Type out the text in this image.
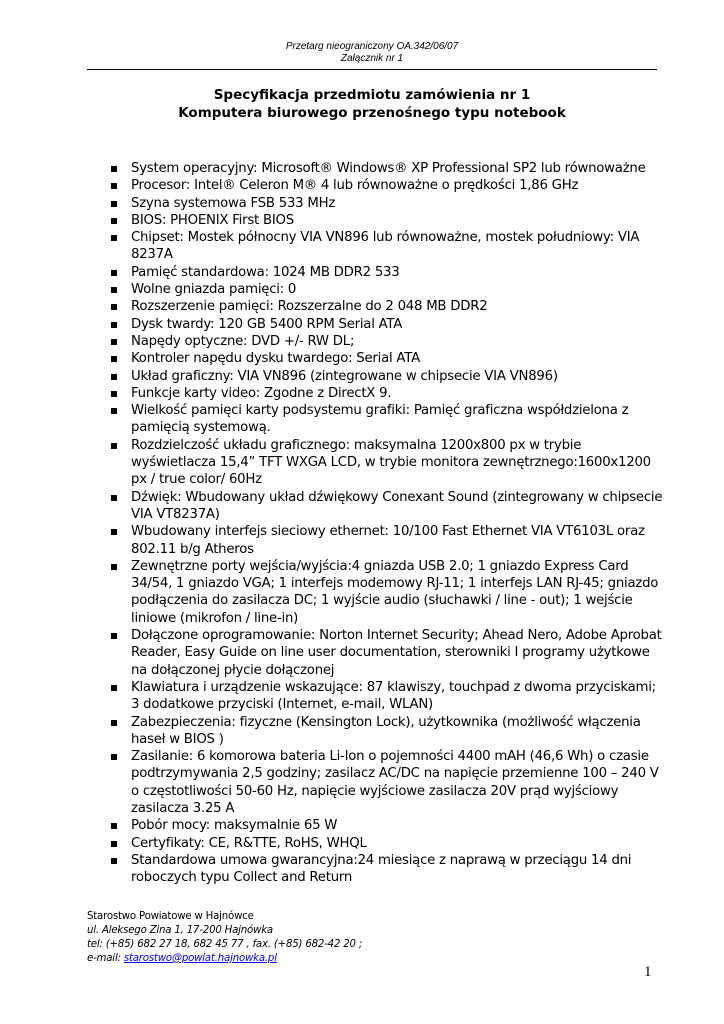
Przetarg nieograniczony OA.342/06/07
Załącznik nr 1
Specyfikacja przedmiotu zamówienia nr 1
Komputera biurowego przenośnego typu notebook
System operacyjny: Microsoft® Windows® XP Professional SP2 lub równoważne
Procesor: Intel® Celeron M® 4 lub równoważne o prędkości 1,86 GHz
Szyna systemowa FSB 533 MHz
BIOS: PHOENIX First BIOS
Chipset: Mostek północny VIA VN896 lub równoważne, mostek południowy: VIA 8237A
Pamięć standardowa: 1024 MB DDR2 533
Wolne gniazda pamięci: 0
Rozszerzenie pamięci: Rozszerzalne do 2 048 MB DDR2
Dysk twardy: 120 GB 5400 RPM Serial ATA
Napędy optyczne: DVD +/- RW DL;
Kontroler napędu dysku twardego: Serial ATA
Układ graficzny: VIA VN896 (zintegrowane w chipsecie VIA VN896)
Funkcje karty video: Zgodne z DirectX 9.
Wielkość pamięci karty podsystemu grafiki: Pamięć graficzna współdzielona z pamięcią systemową.
Rozdzielczość układu graficznego: maksymalna 1200x800 px w trybie wyświetlacza 15,4” TFT WXGA LCD, w trybie monitora zewnętrznego:1600x1200 px / true color/ 60Hz
Dźwięk: Wbudowany układ dźwiękowy Conexant Sound (zintegrowany w chipsecie VIA VT8237A)
Wbudowany interfejs sieciowy ethernet: 10/100 Fast Ethernet VIA VT6103L oraz 802.11 b/g Atheros
Zewnętrzne porty wejścia/wyjścia:4 gniazda USB 2.0; 1 gniazdo Express Card 34/54, 1 gniazdo VGA; 1 interfejs modemowy RJ-11; 1 interfejs LAN RJ-45; gniazdo podłączenia do zasilacza DC; 1 wyjście audio (słuchawki / line - out); 1 wejście liniowe (mikrofon / line-in)
Dołączone oprogramowanie: Norton Internet Security; Ahead Nero, Adobe Aprobat Reader, Easy Guide on line user documentation, sterowniki I programy użytkowe na dołączonej płycie dołączonej
Klawiatura i urządzenie wskazujące: 87 klawiszy, touchpad z dwoma przyciskami; 3 dodatkowe przyciski (Internet, e-mail, WLAN)
Zabezpieczenia: fizyczne (Kensington Lock), użytkownika (możliwość włączenia haseł w BIOS )
Zasilanie: 6 komorowa bateria Li-Ion o pojemności 4400 mAH (46,6 Wh) o czasie podtrzymywania 2,5 godziny; zasilacz AC/DC na napięcie przemienne 100 – 240 V o częstotliwości 50-60 Hz, napięcie wyjściowe zasilacza 20V prąd wyjściowy zasilacza 3.25 A
Pobór mocy: maksymalnie 65 W
Certyfikaty: CE, R&TTE, RoHS, WHQL
Standardowa umowa gwarancyjna:24 miesiące z naprawą w przeciągu 14 dni roboczych typu Collect and Return
Starostwo Powiatowe w Hajnówce
ul. Aleksego Zina 1, 17-200 Hajnówka
tel: (+85) 682 27 18, 682 45 77 , fax. (+85) 682-42 20 ;
e-mail: starostwo@powiat.hajnowka.pl
1
